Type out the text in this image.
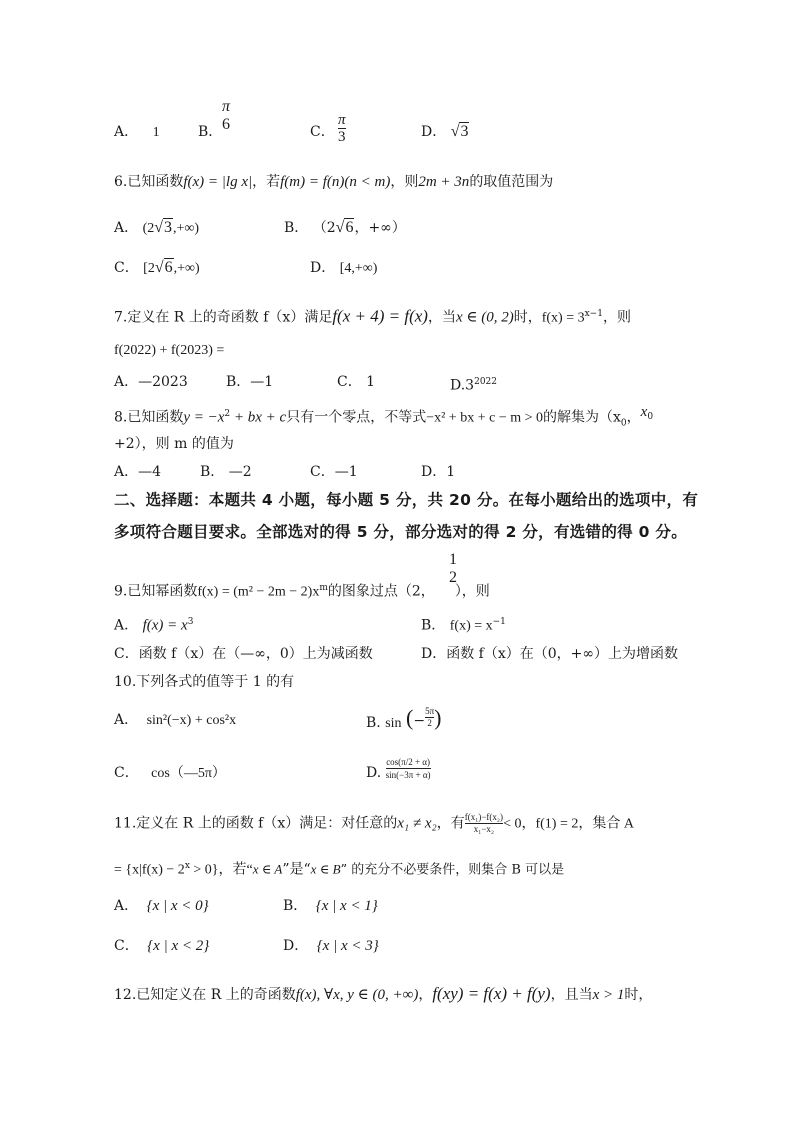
A． 1	B．
π
6	C． $\frac{\pi}{3}$	D． √3
6.已知函数f(x) = |lg x|，若f(m) = f(n)(n < m)，则2m + 3n的取值范围为
A． (2√3,+∞)	B． （2√6，+∞）
C． [2√6,+∞)	D． [4,+∞)
7.定义在 R 上的奇函数 f（x）满足f(x + 4) = f(x)，当x ∈ (0, 2)时，$f(x) = 3^{x-1}$，则
f(2022) + f(2023) =
A．—2023	B．—1	C． 1	$D.3^{2022}$
8.已知函数$y = -x^2$ + bx + c只有一个零点，不等式−x² + bx + c − m > 0的解集为（$x_0$，$x_0$
+2），则 m 的值为
A．—4	B． —2	C．—1	D．1
二、选择题：本题共 4 小题，每小题 5 分，共 20 分。在每小题给出的选项中，有
多项符合题目要求。全部选对的得 5 分，部分选对的得 2 分，有选错的得 0 分。
9.已知幂函数$f(x) = (m^2 - 2m - 2)x^m$的图象过点（2， ），则
1
2
A． $f(x) = x^3$	B． $f(x) = x^{-1}$
C．函数 f（x）在（—∞，0）上为减函数	D．函数 f（x）在（0，+∞）上为增函数
10.下列各式的值等于 1 的有
A． sin²(−x) + cos²x	B. sin (− $\frac{5\pi}{2}$ )
C． cos（—5π）	D. $\frac{\cos(\pi/2 + \alpha)}{\sin(-3\pi + \alpha)}$
11.定义在 R 上的函数 f（x）满足：对任意的x₁ ≠ x₂，有 $\frac{\text{f(x₁)−f(x₂)}}{\text{x₁−x₂}} < 0$，f(1) = 2，集合 A
= $\{x|f(x) - 2^x > 0\}$，若“x ∈ A”是“x ∈ B” 的充分不必要条件，则集合 B 可以是
A． {x | x < 0}	B． {x | x < 1}
C． {x | x < 2}	D． {x | x < 3}
12.已知定义在 R 上的奇函数f(x), ∀x, y ∈ (0, +∞)，f(xy) = f(x) + f(y)，且当x > 1时，
